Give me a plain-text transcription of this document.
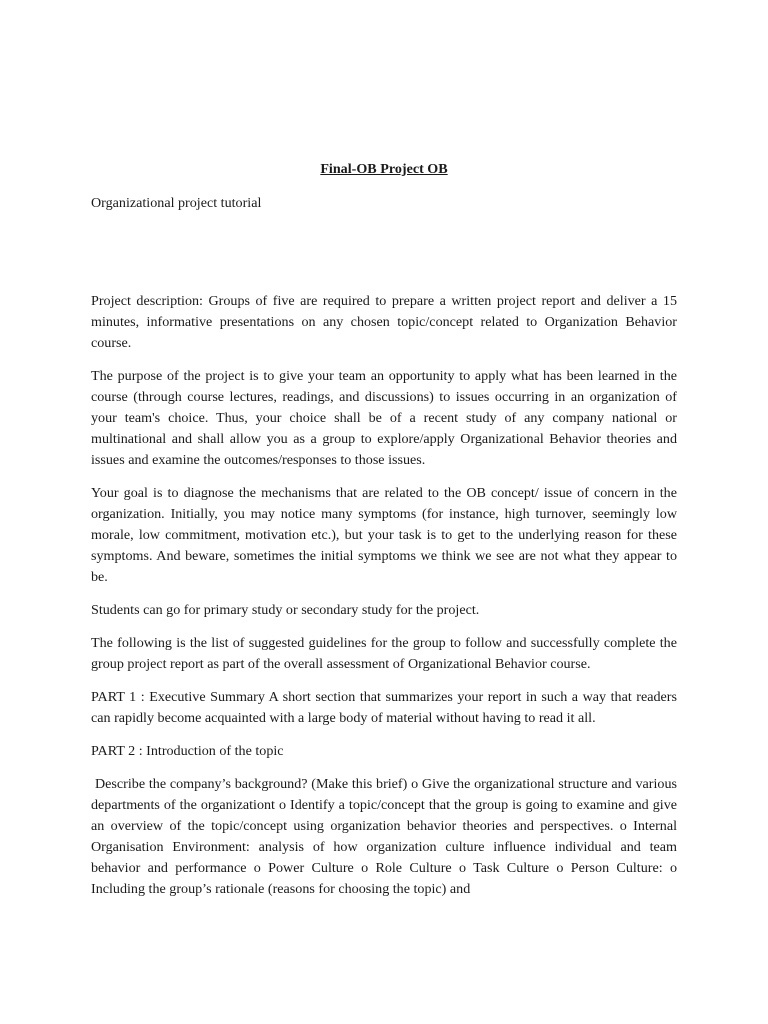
Final-OB Project OB

Organizational project tutorial

Project description: Groups of five are required to prepare a written project report and deliver a 15 minutes, informative presentations on any chosen topic/concept related to Organization Behavior course.

The purpose of the project is to give your team an opportunity to apply what has been learned in the course (through course lectures, readings, and discussions) to issues occurring in an organization of your team's choice. Thus, your choice shall be of a recent study of any company national or multinational and shall allow you as a group to explore/apply Organizational Behavior theories and issues and examine the outcomes/responses to those issues.

Your goal is to diagnose the mechanisms that are related to the OB concept/ issue of concern in the organization. Initially, you may notice many symptoms (for instance, high turnover, seemingly low morale, low commitment, motivation etc.), but your task is to get to the underlying reason for these symptoms. And beware, sometimes the initial symptoms we think we see are not what they appear to be.

Students can go for primary study or secondary study for the project.

The following is the list of suggested guidelines for the group to follow and successfully complete the group project report as part of the overall assessment of Organizational Behavior course.

PART 1 : Executive Summary A short section that summarizes your report in such a way that readers can rapidly become acquainted with a large body of material without having to read it all.

PART 2 : Introduction of the topic

Describe the company’s background? (Make this brief) o Give the organizational structure and various departments of the organizationt o Identify a topic/concept that the group is going to examine and give an overview of the topic/concept using organization behavior theories and perspectives. o Internal Organisation Environment: analysis of how organization culture influence individual and team behavior and performance o Power Culture o Role Culture o Task Culture o Person Culture: o Including the group’s rationale (reasons for choosing the topic) and
